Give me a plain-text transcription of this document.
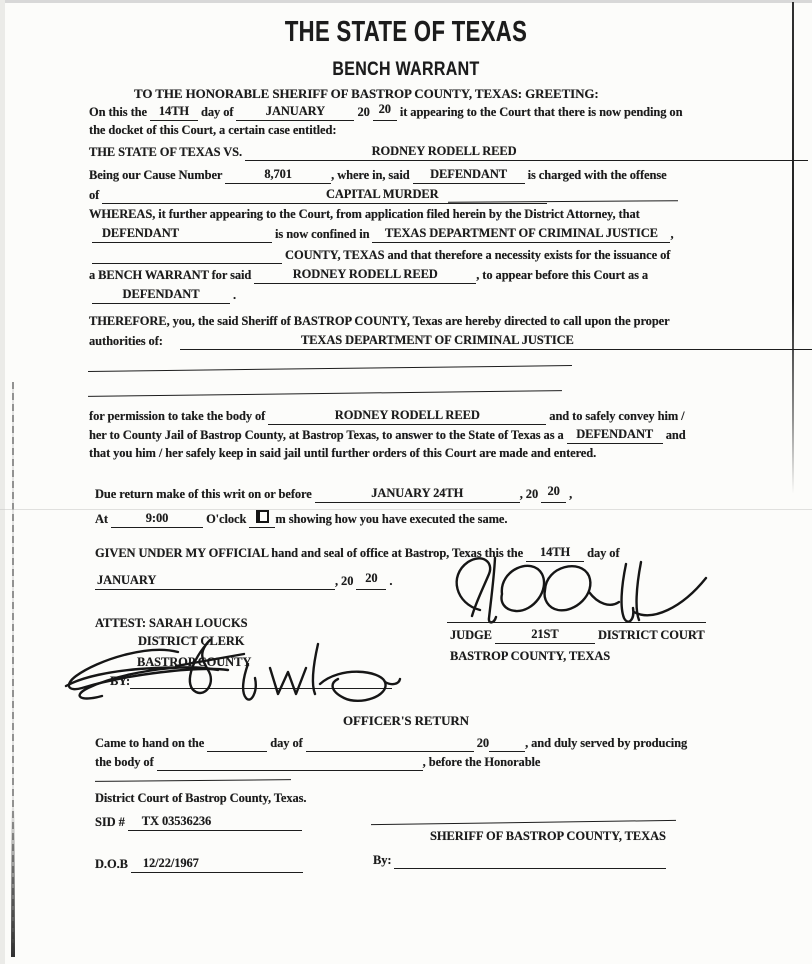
THE STATE OF TEXAS
BENCH WARRANT
TO THE HONORABLE SHERIFF OF BASTROP COUNTY, TEXAS: GREETING:
On this the 14TH day of	JANUARY	20 20 it appearing to the Court that there is now pending on
the docket of this Court, a certain case entitled:
THE STATE OF TEXAS VS.	RODNEY RODELL REED
Being our Cause Number	8,701	, where in, said DEFENDANT is charged with the offense
of	CAPITAL MURDER
WHEREAS, it further appearing to the Court, from application filed herein by the District Attorney, that
DEFENDANT	is now confined in TEXAS DEPARTMENT OF CRIMINAL JUSTICE ,
COUNTY, TEXAS and that therefore a necessity exists for the issuance of
a BENCH WARRANT for said	RODNEY RODELL REED	, to appear before this Court as a
DEFENDANT	.
THEREFORE, you, the said Sheriff of BASTROP COUNTY, Texas are hereby directed to call upon the proper
authorities of:	TEXAS DEPARTMENT OF CRIMINAL JUSTICE
for permission to take the body of	RODNEY RODELL REED	and to safely convey him /
her to County Jail of Bastrop County, at Bastrop Texas, to answer to the State of Texas as a DEFENDANT and
that you him / her safely keep in said jail until further orders of this Court are made and entered.
Due return make of this writ on or before	JANUARY 24TH	, 20 20 ,
At	9:00	O'clock m showing how you have executed the same.
GIVEN UNDER MY OFFICIAL hand and seal of office at Bastrop, Texas this the 14TH day of
JANUARY	, 20 20 .
JUDGE	21ST	DISTRICT COURT
BASTROP COUNTY, TEXAS
ATTEST: SARAH LOUCKS
DISTRICT CLERK
BASTROP COUNTY
BY:
OFFICER'S RETURN
Came to hand on the	day of	20	, and duly served by producing
the body of	, before the Honorable
District Court of Bastrop County, Texas.
SID # TX 03536236
SHERIFF OF BASTROP COUNTY, TEXAS
By:
D.O.B 12/22/1967
